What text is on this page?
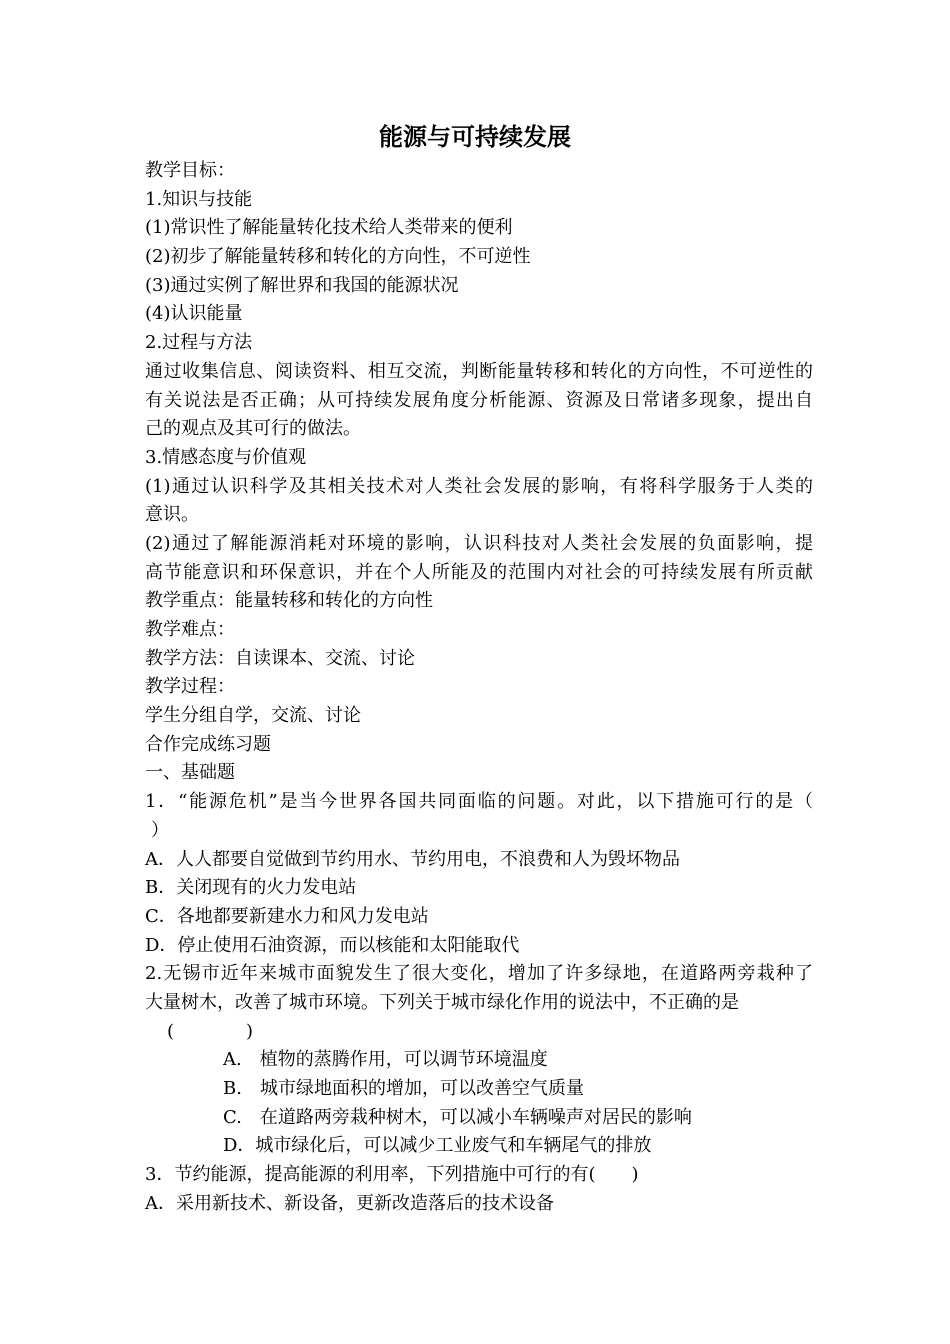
能源与可持续发展
教学目标：
1.知识与技能
(1)常识性了解能量转化技术给人类带来的便利
(2)初步了解能量转移和转化的方向性，不可逆性
(3)通过实例了解世界和我国的能源状况
(4)认识能量
2.过程与方法
通过收集信息、阅读资料、相互交流，判断能量转移和转化的方向性，不可逆性的
有关说法是否正确；从可持续发展角度分析能源、资源及日常诸多现象，提出自
己的观点及其可行的做法。
3.情感态度与价值观
(1)通过认识科学及其相关技术对人类社会发展的影响，有将科学服务于人类的
意识。
(2)通过了解能源消耗对环境的影响，认识科技对人类社会发展的负面影响，提
高节能意识和环保意识，并在个人所能及的范围内对社会的可持续发展有所贡献
教学重点：能量转移和转化的方向性
教学难点：
教学方法：自读课本、交流、讨论
教学过程：
学生分组自学，交流、讨论
合作完成练习题
一、基础题
1．“能源危机”是当今世界各国共同面临的问题。对此，以下措施可行的是（
）
A．人人都要自觉做到节约用水、节约用电，不浪费和人为毁坏物品
B．关闭现有的火力发电站
C．各地都要新建水力和风力发电站
D．停止使用石油资源，而以核能和太阳能取代
2.无锡市近年来城市面貌发生了很大变化，增加了许多绿地，在道路两旁栽种了
大量树木，改善了城市环境。下列关于城市绿化作用的说法中，不正确的是
(　　　　)
A.　植物的蒸腾作用，可以调节环境温度
B.　城市绿地面积的增加，可以改善空气质量
C.　在道路两旁栽种树木，可以减小车辆噪声对居民的影响
D．城市绿化后，可以减少工业废气和车辆尾气的排放
3．节约能源，提高能源的利用率，下列措施中可行的有(　　)
A．采用新技术、新设备，更新改造落后的技术设备
